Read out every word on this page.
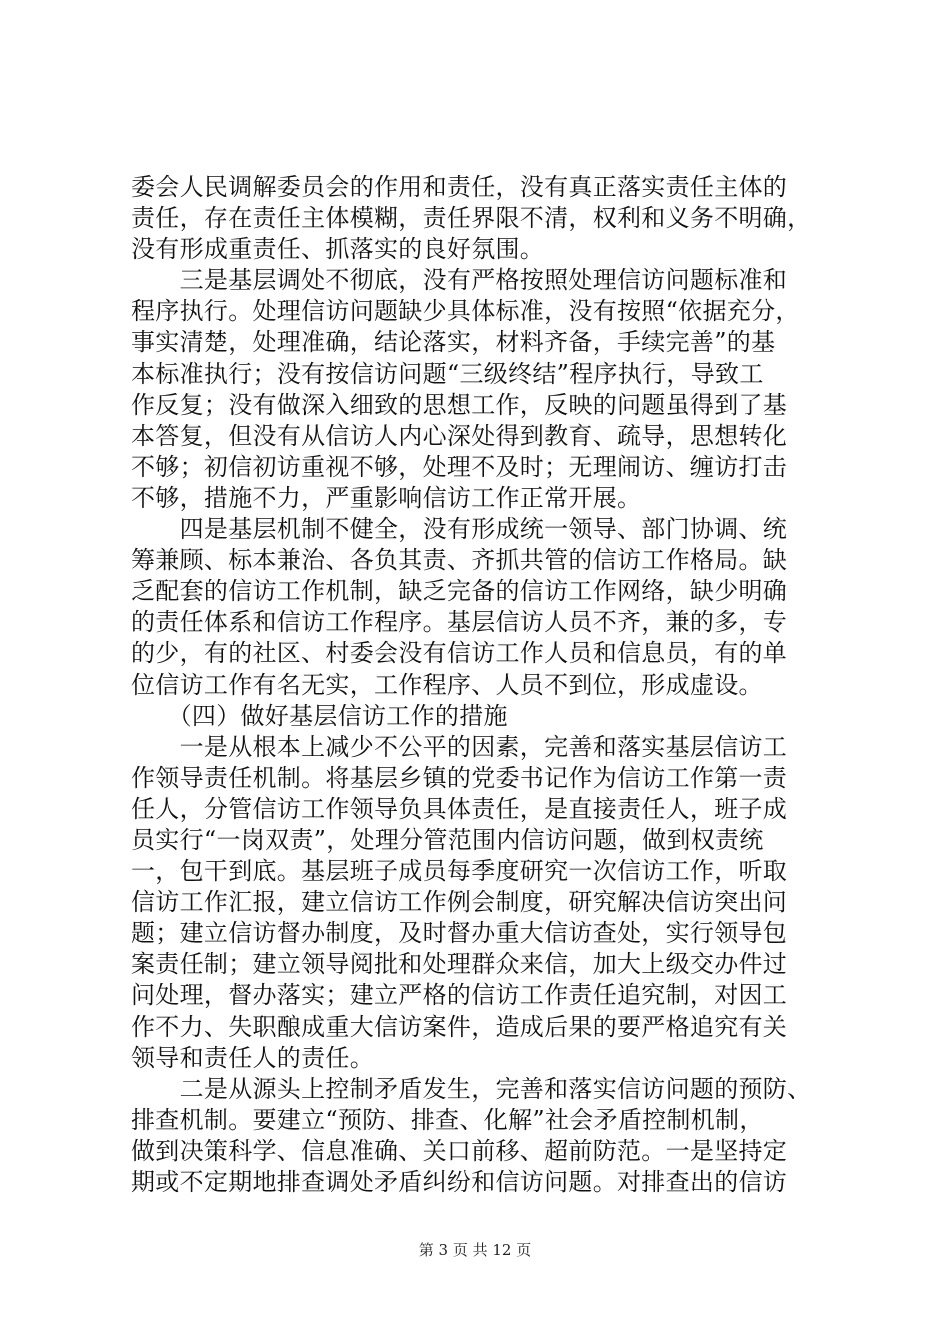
委会人民调解委员会的作用和责任，没有真正落实责任主体的
责任，存在责任主体模糊，责任界限不清，权利和义务不明确，
没有形成重责任、抓落实的良好氛围。
　　三是基层调处不彻底，没有严格按照处理信访问题标准和
程序执行。处理信访问题缺少具体标准，没有按照“依据充分，
事实清楚，处理准确，结论落实，材料齐备，手续完善”的基
本标准执行；没有按信访问题“三级终结”程序执行，导致工
作反复；没有做深入细致的思想工作，反映的问题虽得到了基
本答复，但没有从信访人内心深处得到教育、疏导，思想转化
不够；初信初访重视不够，处理不及时；无理闹访、缠访打击
不够，措施不力，严重影响信访工作正常开展。
　　四是基层机制不健全，没有形成统一领导、部门协调、统
筹兼顾、标本兼治、各负其责、齐抓共管的信访工作格局。缺
乏配套的信访工作机制，缺乏完备的信访工作网络，缺少明确
的责任体系和信访工作程序。基层信访人员不齐，兼的多，专
的少，有的社区、村委会没有信访工作人员和信息员，有的单
位信访工作有名无实，工作程序、人员不到位，形成虚设。
　　（四）做好基层信访工作的措施
　　一是从根本上减少不公平的因素，完善和落实基层信访工
作领导责任机制。将基层乡镇的党委书记作为信访工作第一责
任人，分管信访工作领导负具体责任，是直接责任人，班子成
员实行“一岗双责”，处理分管范围内信访问题，做到权责统
一，包干到底。基层班子成员每季度研究一次信访工作，听取
信访工作汇报，建立信访工作例会制度，研究解决信访突出问
题；建立信访督办制度，及时督办重大信访查处，实行领导包
案责任制；建立领导阅批和处理群众来信，加大上级交办件过
问处理，督办落实；建立严格的信访工作责任追究制，对因工
作不力、失职酿成重大信访案件，造成后果的要严格追究有关
领导和责任人的责任。
　　二是从源头上控制矛盾发生，完善和落实信访问题的预防、
排查机制。要建立“预防、排查、化解”社会矛盾控制机制，
做到决策科学、信息准确、关口前移、超前防范。一是坚持定
期或不定期地排查调处矛盾纠纷和信访问题。对排查出的信访
第 3 页 共 12 页
